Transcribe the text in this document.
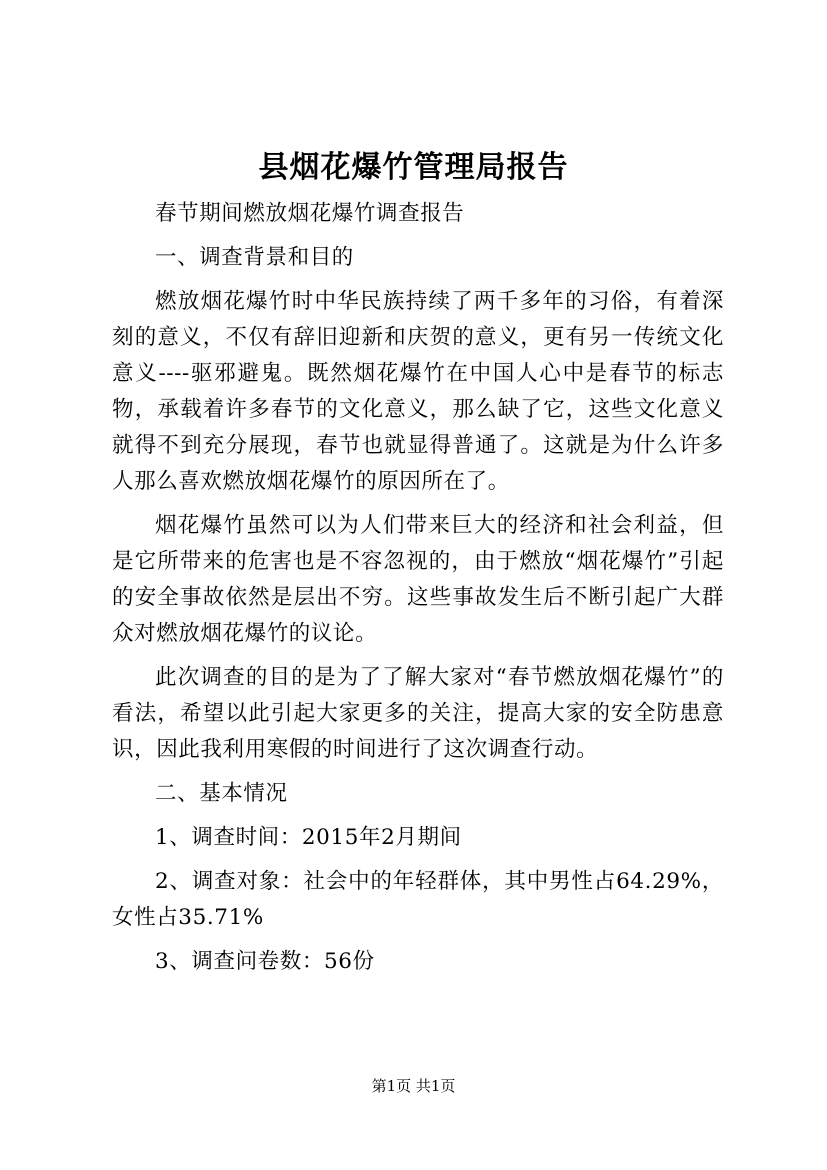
县烟花爆竹管理局报告

春节期间燃放烟花爆竹调查报告

一、调查背景和目的

燃放烟花爆竹时中华民族持续了两千多年的习俗，有着深刻的意义，不仅有辞旧迎新和庆贺的意义，更有另一传统文化意义----驱邪避鬼。既然烟花爆竹在中国人心中是春节的标志物，承载着许多春节的文化意义，那么缺了它，这些文化意义就得不到充分展现，春节也就显得普通了。这就是为什么许多人那么喜欢燃放烟花爆竹的原因所在了。

烟花爆竹虽然可以为人们带来巨大的经济和社会利益，但是它所带来的危害也是不容忽视的，由于燃放“烟花爆竹”引起的安全事故依然是层出不穷。这些事故发生后不断引起广大群众对燃放烟花爆竹的议论。

此次调查的目的是为了了解大家对“春节燃放烟花爆竹”的看法，希望以此引起大家更多的关注，提高大家的安全防患意识，因此我利用寒假的时间进行了这次调查行动。

二、基本情况

1、调查时间：2015年2月期间

2、调查对象：社会中的年轻群体，其中男性占64.29%，女性占35.71%

3、调查问卷数：56份

第1页 共1页
